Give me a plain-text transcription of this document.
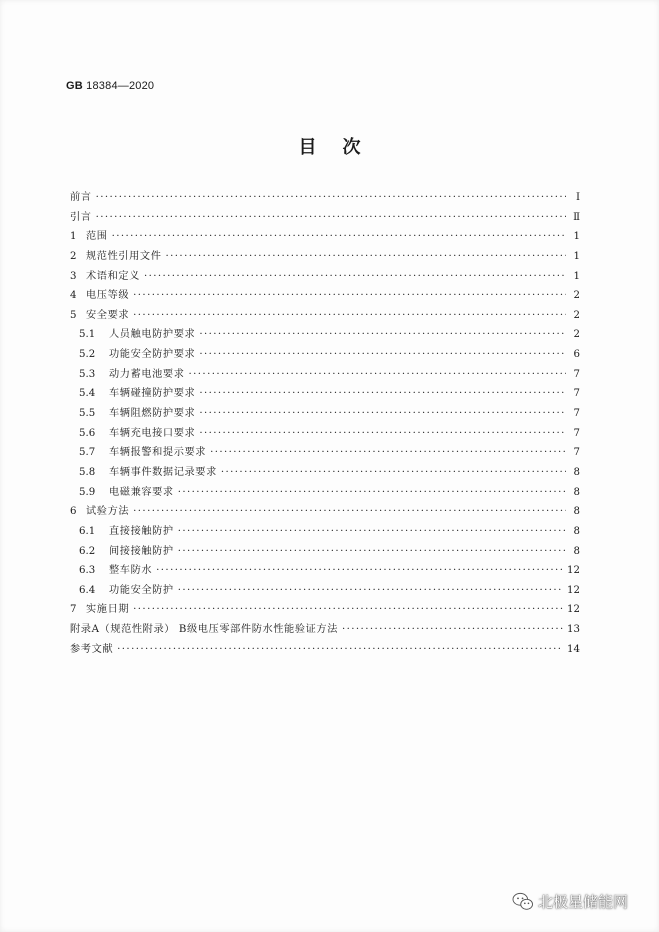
GB 18384—2020
目次
前言 ·····	Ⅰ
引言 ·····	Ⅱ
1 范围 ·····	1
2 规范性引用文件 ·····	1
3 术语和定义 ·····	1
4 电压等级 ·····	2
5 安全要求 ·····	2
5.1	人员触电防护要求 ·····	2
5.2	功能安全防护要求 ·····	6
5.3	动力蓄电池要求 ·····	7
5.4	车辆碰撞防护要求 ·····	7
5.5	车辆阻燃防护要求 ·····	7
5.6	车辆充电接口要求 ·····	7
5.7	车辆报警和提示要求 ·····	7
5.8	车辆事件数据记录要求 ·····	8
5.9	电磁兼容要求 ·····	8
6 试验方法 ·····	8
6.1	直接接触防护 ·····	8
6.2	间接接触防护 ·····	8
6.3	整车防水 ·····	12
6.4	功能安全防护 ·····	12
7 实施日期 ·····	12
附录A（规范性附录） B级电压零部件防水性能验证方法 ·····	13
参考文献 ·····	14
北极星储能网
